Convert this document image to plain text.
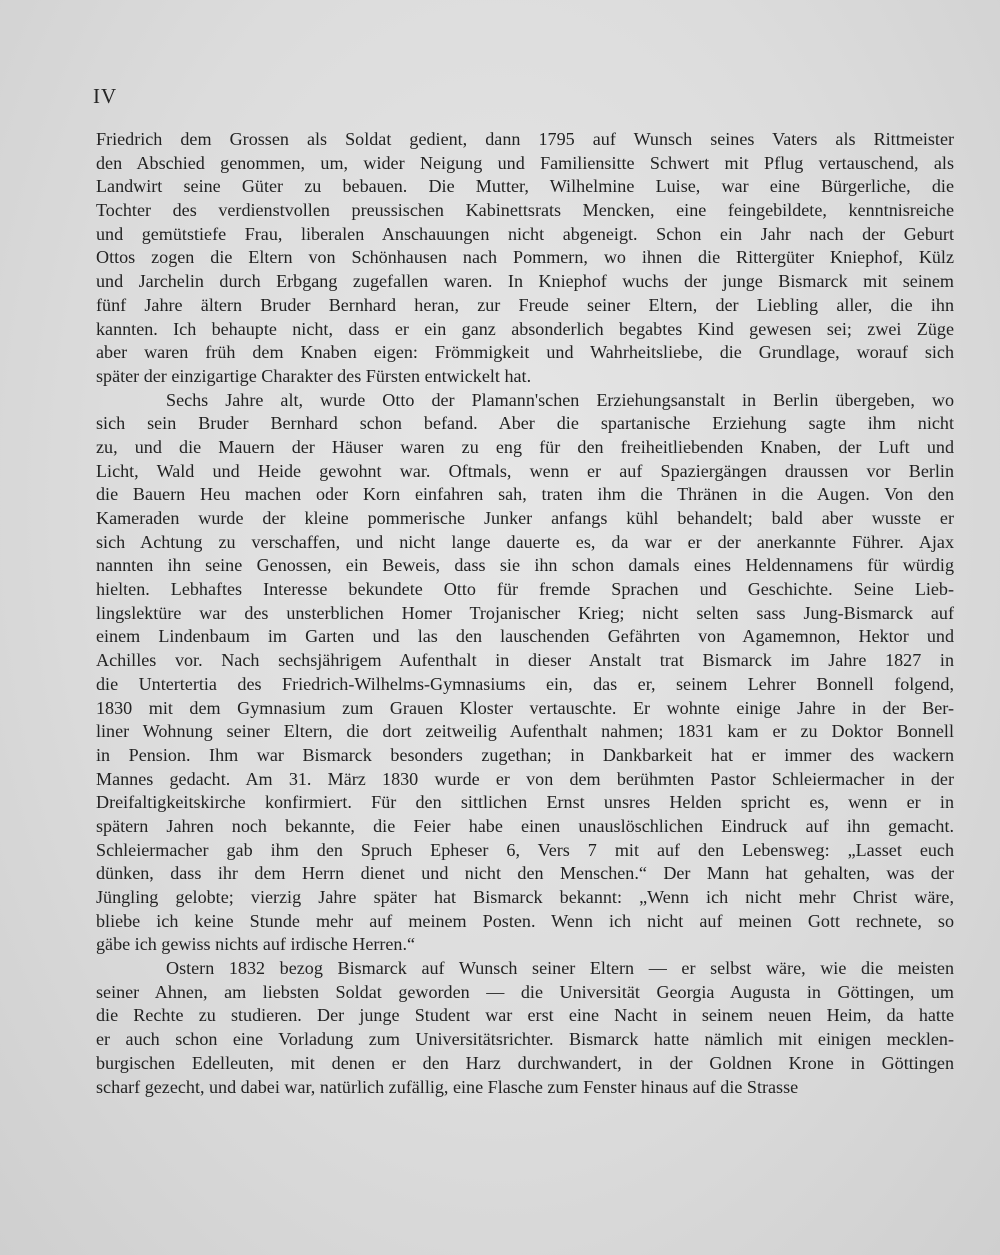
IV
Friedrich dem Grossen als Soldat gedient, dann 1795 auf Wunsch seines Vaters als Rittmeister
den Abschied genommen, um, wider Neigung und Familiensitte Schwert mit Pflug vertauschend, als
Landwirt seine Güter zu bebauen. Die Mutter, Wilhelmine Luise, war eine Bürgerliche, die
Tochter des verdienstvollen preussischen Kabinettsrats Mencken, eine feingebildete, kenntnisreiche
und gemütstiefe Frau, liberalen Anschauungen nicht abgeneigt. Schon ein Jahr nach der Geburt
Ottos zogen die Eltern von Schönhausen nach Pommern, wo ihnen die Rittergüter Kniephof, Külz
und Jarchelin durch Erbgang zugefallen waren. In Kniephof wuchs der junge Bismarck mit seinem
fünf Jahre ältern Bruder Bernhard heran, zur Freude seiner Eltern, der Liebling aller, die ihn
kannten. Ich behaupte nicht, dass er ein ganz absonderlich begabtes Kind gewesen sei; zwei Züge
aber waren früh dem Knaben eigen: Frömmigkeit und Wahrheitsliebe, die Grundlage, worauf sich
später der einzigartige Charakter des Fürsten entwickelt hat.
Sechs Jahre alt, wurde Otto der Plamann'schen Erziehungsanstalt in Berlin übergeben, wo
sich sein Bruder Bernhard schon befand. Aber die spartanische Erziehung sagte ihm nicht
zu, und die Mauern der Häuser waren zu eng für den freiheitliebenden Knaben, der Luft und
Licht, Wald und Heide gewohnt war. Oftmals, wenn er auf Spaziergängen draussen vor Berlin
die Bauern Heu machen oder Korn einfahren sah, traten ihm die Thränen in die Augen. Von den
Kameraden wurde der kleine pommerische Junker anfangs kühl behandelt; bald aber wusste er
sich Achtung zu verschaffen, und nicht lange dauerte es, da war er der anerkannte Führer. Ajax
nannten ihn seine Genossen, ein Beweis, dass sie ihn schon damals eines Heldennamens für würdig
hielten. Lebhaftes Interesse bekundete Otto für fremde Sprachen und Geschichte. Seine Lieb-
lingslektüre war des unsterblichen Homer Trojanischer Krieg; nicht selten sass Jung-Bismarck auf
einem Lindenbaum im Garten und las den lauschenden Gefährten von Agamemnon, Hektor und
Achilles vor. Nach sechsjährigem Aufenthalt in dieser Anstalt trat Bismarck im Jahre 1827 in
die Untertertia des Friedrich-Wilhelms-Gymnasiums ein, das er, seinem Lehrer Bonnell folgend,
1830 mit dem Gymnasium zum Grauen Kloster vertauschte. Er wohnte einige Jahre in der Ber-
liner Wohnung seiner Eltern, die dort zeitweilig Aufenthalt nahmen; 1831 kam er zu Doktor Bonnell
in Pension. Ihm war Bismarck besonders zugethan; in Dankbarkeit hat er immer des wackern
Mannes gedacht. Am 31. März 1830 wurde er von dem berühmten Pastor Schleiermacher in der
Dreifaltigkeitskirche konfirmiert. Für den sittlichen Ernst unsres Helden spricht es, wenn er in
spätern Jahren noch bekannte, die Feier habe einen unauslöschlichen Eindruck auf ihn gemacht.
Schleiermacher gab ihm den Spruch Epheser 6, Vers 7 mit auf den Lebensweg: „Lasset euch
dünken, dass ihr dem Herrn dienet und nicht den Menschen.“ Der Mann hat gehalten, was der
Jüngling gelobte; vierzig Jahre später hat Bismarck bekannt: „Wenn ich nicht mehr Christ wäre,
bliebe ich keine Stunde mehr auf meinem Posten. Wenn ich nicht auf meinen Gott rechnete, so
gäbe ich gewiss nichts auf irdische Herren.“
Ostern 1832 bezog Bismarck auf Wunsch seiner Eltern — er selbst wäre, wie die meisten
seiner Ahnen, am liebsten Soldat geworden — die Universität Georgia Augusta in Göttingen, um
die Rechte zu studieren. Der junge Student war erst eine Nacht in seinem neuen Heim, da hatte
er auch schon eine Vorladung zum Universitätsrichter. Bismarck hatte nämlich mit einigen mecklen-
burgischen Edelleuten, mit denen er den Harz durchwandert, in der Goldnen Krone in Göttingen
scharf gezecht, und dabei war, natürlich zufällig, eine Flasche zum Fenster hinaus auf die Strasse
